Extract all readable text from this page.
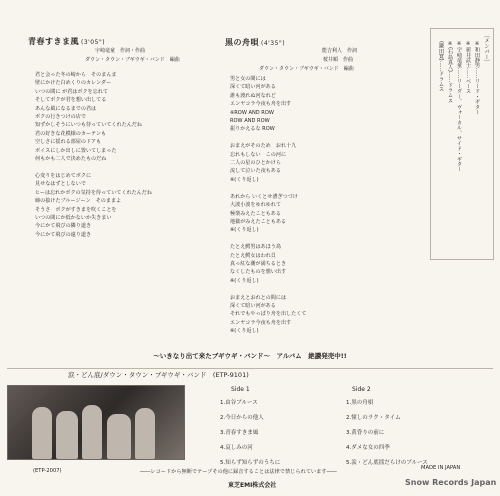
青春すきま風 (3'05")
宇崎竜童　作詞・作曲
ダウン・タウン・ブギウギ・バンド　編曲
君と会った冬の崎から　そのまんま
壁にかけた白めくりのカレンダー
いつの間に が君はボクを忘れて
そしてボクが君を想い出してる
あんな風になるまでの君は
ボクの行きつけの店で
知ずかしそうにいつも待っていてくれたんだね
君の好きな花模様のカーテンも
空しさに揺れる部屋のドアも
ボイスにしか出しに置いてしまった
何もかも二人で決めたものだね

心変りをはじめてボクに
見せなはずとしないで
ヒーは忘れかボクの気持を待っていてくれたんだね
締の抜けたブルージーン　そのままよ
そうさ　ボクがすきまを吹くことを
いつの間にか低かないか失きまい
今にかて飛びの隣り道き
今にかて飛びの遠り道き
黒の舟唄 (4'35")
能吉利人　作詞
桜井順　作曲
ダウン・タウン・ブギウギ・バンド　編曲
男と女の間には
深くて暗い河がある
誰も渡れぬ河なれど
エンヤコラ今夜も舟を出す
※ROW AND ROW
ROW AND ROW
振りかえるな ROW

おまえがそのため　おれ十九
忘れもしない　この河に
二人の星のひとかけら
流して泣いた夜もある
※(くり返し)

あれから いくとせ漕ぎつづけ
大波小波をゆれゆれて
極楽みえたこともある
地獄がみえたこともある
※(くり返し)

たとえ鰐男はあほう鳥
たとえ鰐女はわれ貝
真っ紅な潮が満ちるとき
なくしたものを想い出す
※(くり返し)

おまえとおれとの間には
深くて暗い河がある
それでもやっぱり舟を出したくて
エンヤコラ今夜も舟を出す
※(くり返し)
〔メンバー〕
※和田静男……リード・ギター
※新井武士……ベース
※宇崎竜童……リーダー、ヴォーカル、サイド・ギター
※(石島真人)……ドラムス
(鎌田寛)……ドラムス
〜いきなり出て来たブギウギ・バンド〜　アルバム　絶讃発売中!!
涙・どん底/ダウン・タウン・ブギウギ・バンド　(ETP-9101)
Side 1
1.由谷ブルース
2.今日からの他人
3.青春すきま風
4.哀しみの河
5.知らず知らずのうちに
Side 2
1.黒の舟唄
2.憧しのラク・タイム
3.黄昏りの前に
4.ダメな女の四季
5.涙・どん底揺だらけのブルース
(ETP-2007)	――レコードから無断でテープその他に録音することは法律で禁じられています――
MADE IN JAPAN
東芝EMI株式会社	Snow Records Japan
